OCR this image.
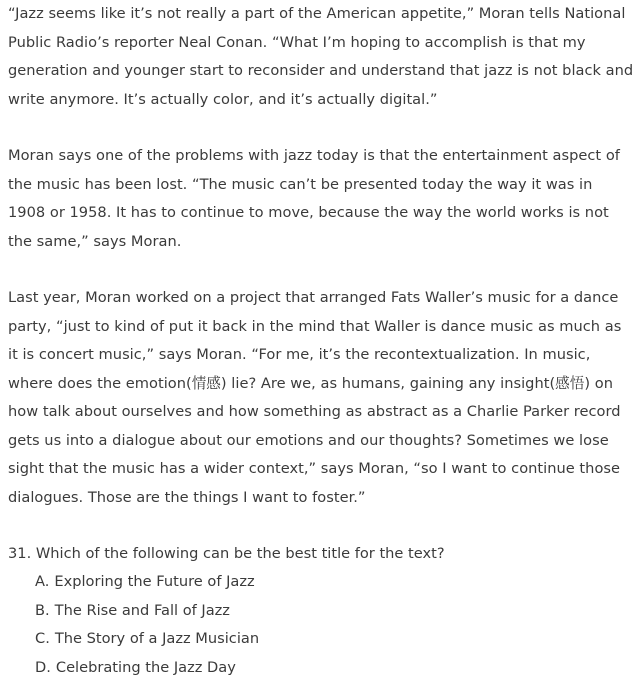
“Jazz seems like it’s not really a part of the American appetite,” Moran tells National Public Radio’s reporter Neal Conan. “What I’m hoping to accomplish is that my generation and younger start to reconsider and understand that jazz is not black and write anymore. It’s actually color, and it’s actually digital.”

Moran says one of the problems with jazz today is that the entertainment aspect of the music has been lost. “The music can’t be presented today the way it was in 1908 or 1958. It has to continue to move, because the way the world works is not the same,” says Moran.

Last year, Moran worked on a project that arranged Fats Waller’s music for a dance party, “just to kind of put it back in the mind that Waller is dance music as much as it is concert music,” says Moran. “For me, it’s the recontextualization. In music, where does the emotion(情感) lie? Are we, as humans, gaining any insight(感悟) on how talk about ourselves and how something as abstract as a Charlie Parker record gets us into a dialogue about our emotions and our thoughts? Sometimes we lose sight that the music has a wider context,” says Moran, “so I want to continue those dialogues. Those are the things I want to foster.”

31. Which of the following can be the best title for the text?

A. Exploring the Future of Jazz
B. The Rise and Fall of Jazz
C. The Story of a Jazz Musician
D. Celebrating the Jazz Day
